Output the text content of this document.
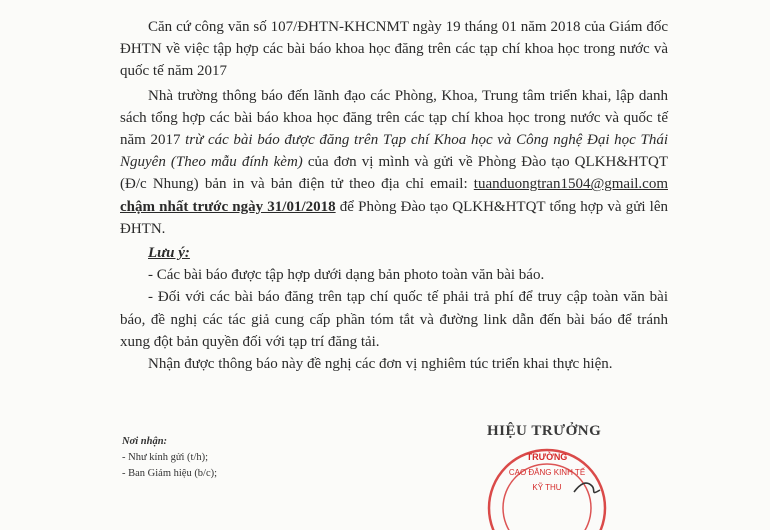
Căn cứ công văn số 107/ĐHTN-KHCNMT ngày 19 tháng 01 năm 2018 của Giám đốc ĐHTN về việc tập hợp các bài báo khoa học đăng trên các tạp chí khoa học trong nước và quốc tế năm 2017

Nhà trường thông báo đến lãnh đạo các Phòng, Khoa, Trung tâm triển khai, lập danh sách tổng hợp các bài báo khoa học đăng trên các tạp chí khoa học trong nước và quốc tế năm 2017 trừ các bài báo được đăng trên Tạp chí Khoa học và Công nghệ Đại học Thái Nguyên (Theo mẫu đính kèm) của đơn vị mình và gửi về Phòng Đào tạo QLKH&HTQT (Đ/c Nhung) bản in và bản điện tử theo địa chỉ email: tuanduongtran1504@gmail.com chậm nhất trước ngày 31/01/2018 để Phòng Đào tạo QLKH&HTQT tổng hợp và gửi lên ĐHTN.

Lưu ý:

- Các bài báo được tập hợp dưới dạng bản photo toàn văn bài báo.

- Đối với các bài báo đăng trên tạp chí quốc tế phải trả phí để truy cập toàn văn bài báo, đề nghị các tác giả cung cấp phần tóm tắt và đường link dẫn đến bài báo để tránh xung đột bản quyền đối với tạp trí đăng tải.

Nhận được thông báo này đề nghị các đơn vị nghiêm túc triển khai thực hiện.

Nơi nhận:
- Như kính gửi (t/h);
- Ban Giám hiệu (b/c);
HIỆU TRƯỞNG
TRƯỜNG
CAO ĐẲNG KINH TẾ
KỸ THU
